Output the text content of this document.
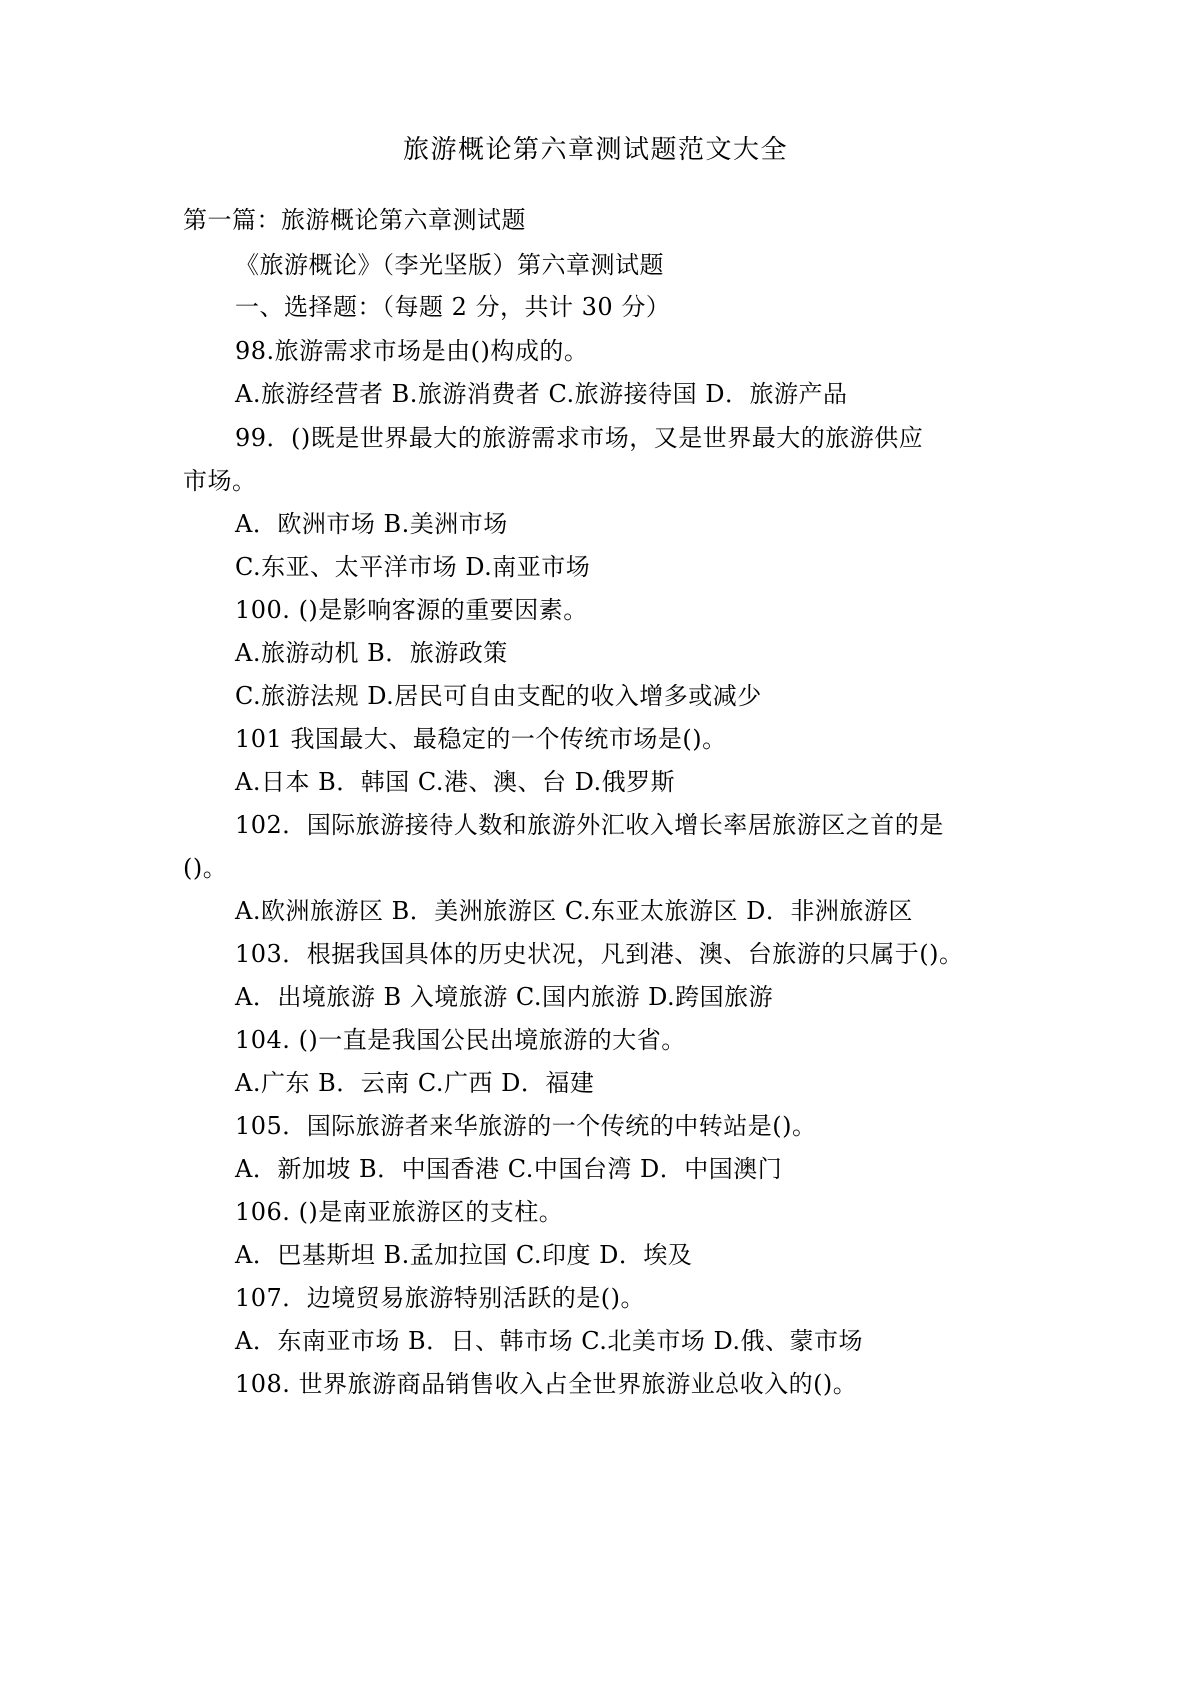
旅游概论第六章测试题范文大全
第一篇：旅游概论第六章测试题
《旅游概论》（李光坚版）第六章测试题
一、选择题：（每题 2 分，共计 30 分）
98.旅游需求市场是由()构成的。
A.旅游经营者 B.旅游消费者 C.旅游接待国 D．旅游产品
99．()既是世界最大的旅游需求市场，又是世界最大的旅游供应
市场。
A．欧洲市场 B.美洲市场
C.东亚、太平洋市场 D.南亚市场
100. ()是影响客源的重要因素。
A.旅游动机 B．旅游政策
C.旅游法规 D.居民可自由支配的收入增多或减少
101 我国最大、最稳定的一个传统市场是()。
A.日本 B．韩国 C.港、澳、台 D.俄罗斯
102．国际旅游接待人数和旅游外汇收入增长率居旅游区之首的是
()。
A.欧洲旅游区 B．美洲旅游区 C.东亚太旅游区 D．非洲旅游区
103．根据我国具体的历史状况，凡到港、澳、台旅游的只属于()。
A．出境旅游 B 入境旅游 C.国内旅游 D.跨国旅游
104. ()一直是我国公民出境旅游的大省。
A.广东 B．云南 C.广西 D．福建
105．国际旅游者来华旅游的一个传统的中转站是()。
A．新加坡 B．中国香港 C.中国台湾 D．中国澳门
106. ()是南亚旅游区的支柱。
A．巴基斯坦 B.孟加拉国 C.印度 D．埃及
107．边境贸易旅游特别活跃的是()。
A．东南亚市场 B．日、韩市场 C.北美市场 D.俄、蒙市场
108. 世界旅游商品销售收入占全世界旅游业总收入的()。
